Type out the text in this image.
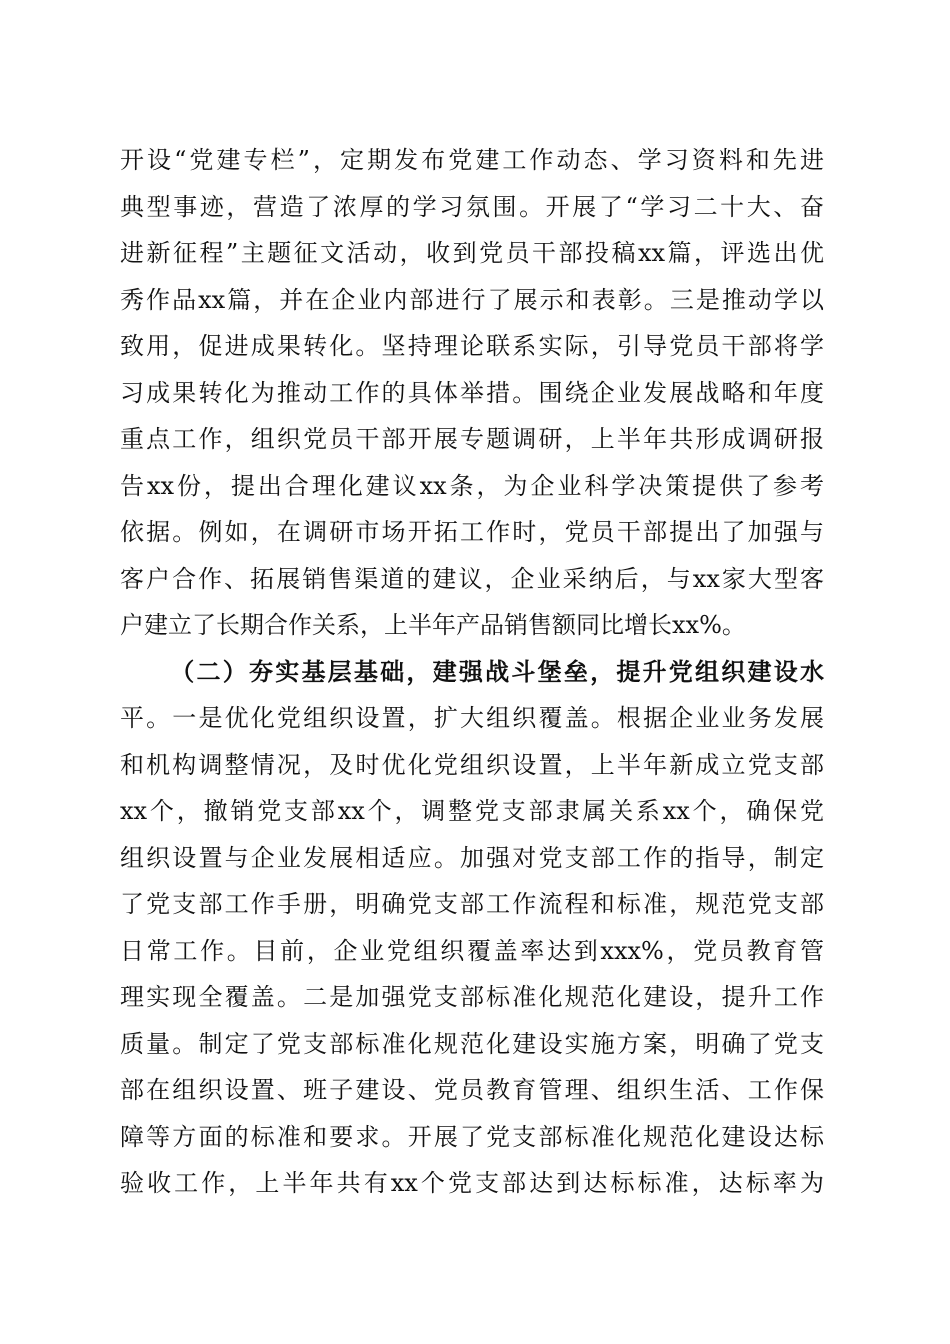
开设“党建专栏”，定期发布党建工作动态、学习资料和先进
典型事迹，营造了浓厚的学习氛围。开展了“学习二十大、奋
进新征程”主题征文活动，收到党员干部投稿xx篇，评选出优
秀作品xx篇，并在企业内部进行了展示和表彰。三是推动学以
致用，促进成果转化。坚持理论联系实际，引导党员干部将学
习成果转化为推动工作的具体举措。围绕企业发展战略和年度
重点工作，组织党员干部开展专题调研，上半年共形成调研报
告xx份，提出合理化建议xx条，为企业科学决策提供了参考
依据。例如，在调研市场开拓工作时，党员干部提出了加强与
客户合作、拓展销售渠道的建议，企业采纳后，与xx家大型客
户建立了长期合作关系，上半年产品销售额同比增长xx%。
（二）夯实基层基础，建强战斗堡垒，提升党组织建设水
平。一是优化党组织设置，扩大组织覆盖。根据企业业务发展
和机构调整情况，及时优化党组织设置，上半年新成立党支部
xx个，撤销党支部xx个，调整党支部隶属关系xx个，确保党
组织设置与企业发展相适应。加强对党支部工作的指导，制定
了党支部工作手册，明确党支部工作流程和标准，规范党支部
日常工作。目前，企业党组织覆盖率达到xxx%，党员教育管
理实现全覆盖。二是加强党支部标准化规范化建设，提升工作
质量。制定了党支部标准化规范化建设实施方案，明确了党支
部在组织设置、班子建设、党员教育管理、组织生活、工作保
障等方面的标准和要求。开展了党支部标准化规范化建设达标
验收工作，上半年共有xx个党支部达到达标标准，达标率为
